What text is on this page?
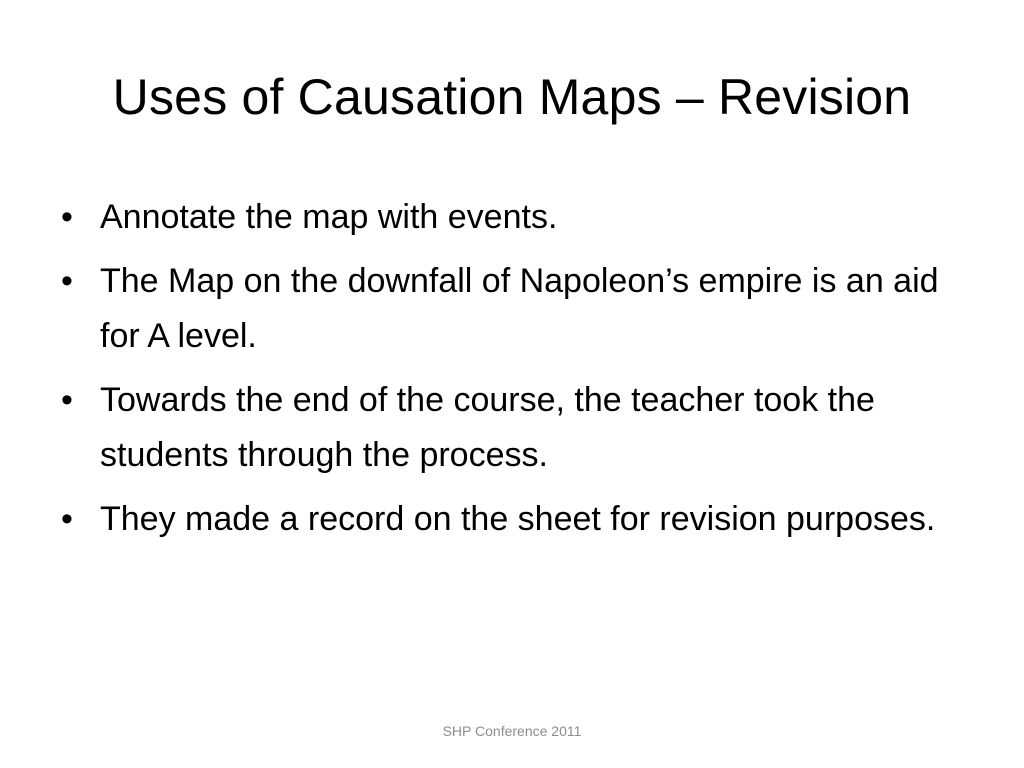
Uses of Causation Maps – Revision
• Annotate the map with events.
• The Map on the downfall of Napoleon’s empire is an aid for A level.
• Towards the end of the course, the teacher took the students through the process.
• They made a record on the sheet for revision purposes.
SHP Conference 2011
